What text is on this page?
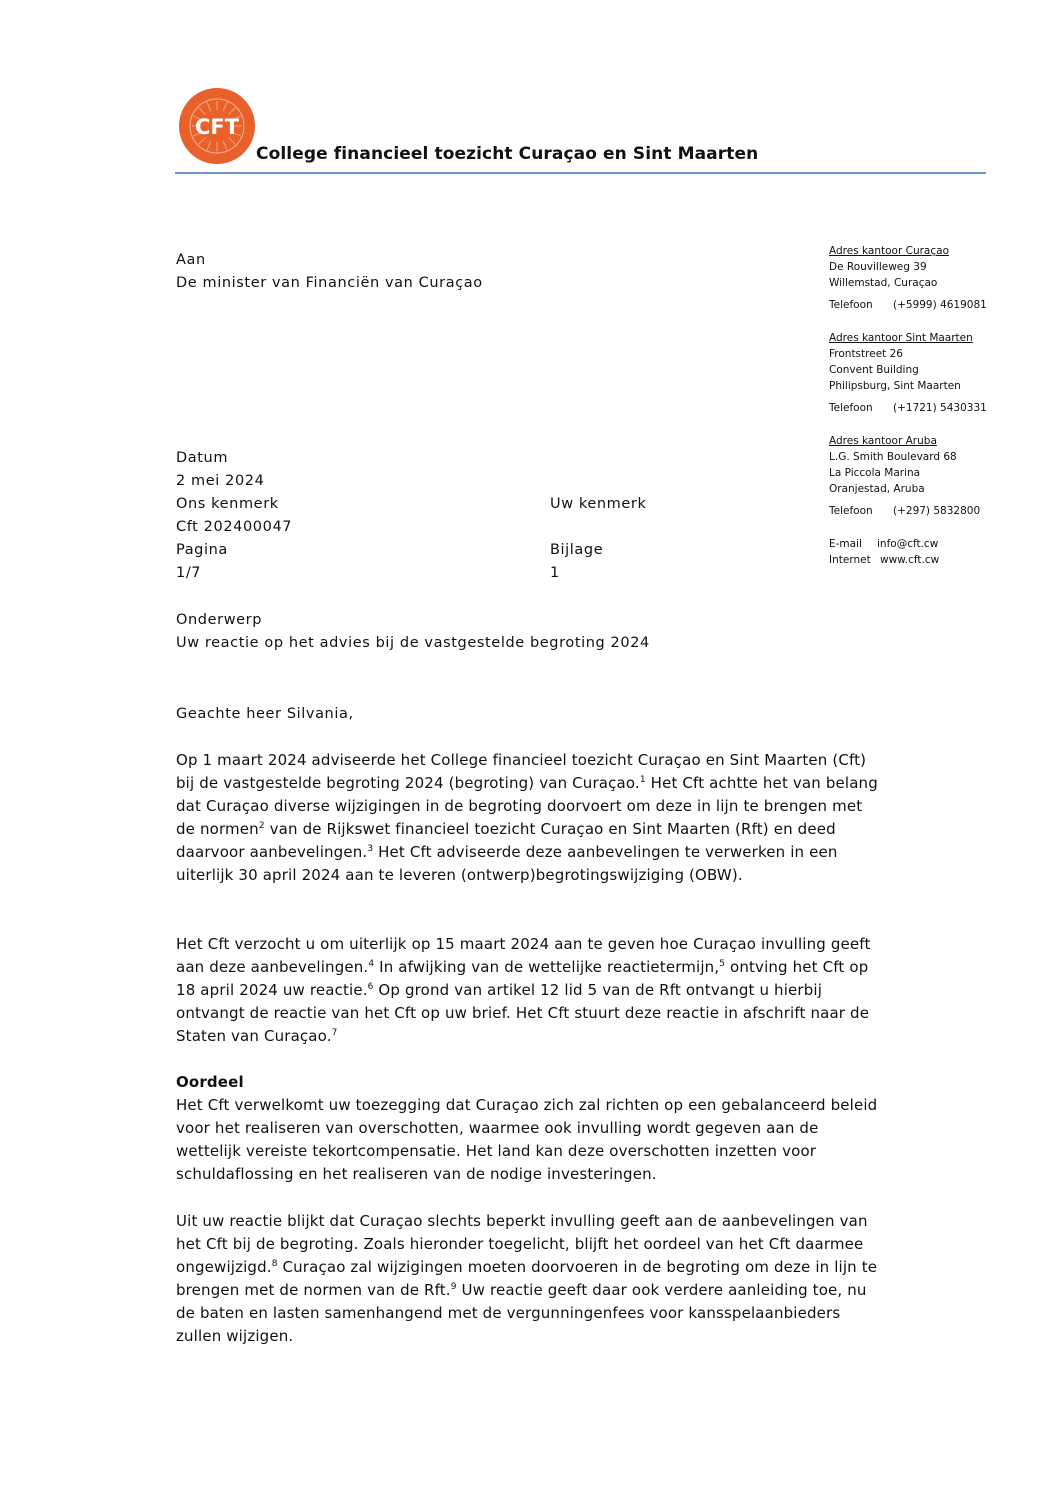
CFT
College financieel toezicht Curaçao en Sint Maarten
Aan
De minister van Financiën van Curaçao
Adres kantoor Curaçao
De Rouvilleweg 39
Willemstad, Curaçao
Telefoon (+5999) 4619081
Adres kantoor Sint Maarten
Frontstreet 26
Convent Building
Philipsburg, Sint Maarten
Telefoon (+1721) 5430331
Adres kantoor Aruba
L.G. Smith Boulevard 68
La Piccola Marina
Oranjestad, Aruba
Telefoon (+297) 5832800
E-mail info@cft.cw
Internet www.cft.cw
Datum
2 mei 2024
Ons kenmerk	Uw kenmerk
Cft 202400047
Pagina	Bijlage
1/7	1
Onderwerp
Uw reactie op het advies bij de vastgestelde begroting 2024
Geachte heer Silvania,
Op 1 maart 2024 adviseerde het College financieel toezicht Curaçao en Sint Maarten (Cft) bij de vastgestelde begroting 2024 (begroting) van Curaçao.$^1$ Het Cft achtte het van belang dat Curaçao diverse wijzigingen in de begroting doorvoert om deze in lijn te brengen met de normen$^2$ van de Rijkswet financieel toezicht Curaçao en Sint Maarten (Rft) en deed daarvoor aanbevelingen.$^3$ Het Cft adviseerde deze aanbevelingen te verwerken in een uiterlijk 30 april 2024 aan te leveren (ontwerp)begrotingswijziging (OBW).
Het Cft verzocht u om uiterlijk op 15 maart 2024 aan te geven hoe Curaçao invulling geeft aan deze aanbevelingen.$^4$ In afwijking van de wettelijke reactietermijn,$^5$ ontving het Cft op 18 april 2024 uw reactie.$^6$ Op grond van artikel 12 lid 5 van de Rft ontvangt u hierbij ontvangt de reactie van het Cft op uw brief. Het Cft stuurt deze reactie in afschrift naar de Staten van Curaçao.$^7$
Oordeel
Het Cft verwelkomt uw toezegging dat Curaçao zich zal richten op een gebalanceerd beleid voor het realiseren van overschotten, waarmee ook invulling wordt gegeven aan de wettelijk vereiste tekortcompensatie. Het land kan deze overschotten inzetten voor schuldaflossing en het realiseren van de nodige investeringen.
Uit uw reactie blijkt dat Curaçao slechts beperkt invulling geeft aan de aanbevelingen van het Cft bij de begroting. Zoals hieronder toegelicht, blijft het oordeel van het Cft daarmee ongewijzigd.$^8$ Curaçao zal wijzigingen moeten doorvoeren in de begroting om deze in lijn te brengen met de normen van de Rft.$^9$ Uw reactie geeft daar ook verdere aanleiding toe, nu de baten en lasten samenhangend met de vergunningenfees voor kansspelaanbieders zullen wijzigen.
